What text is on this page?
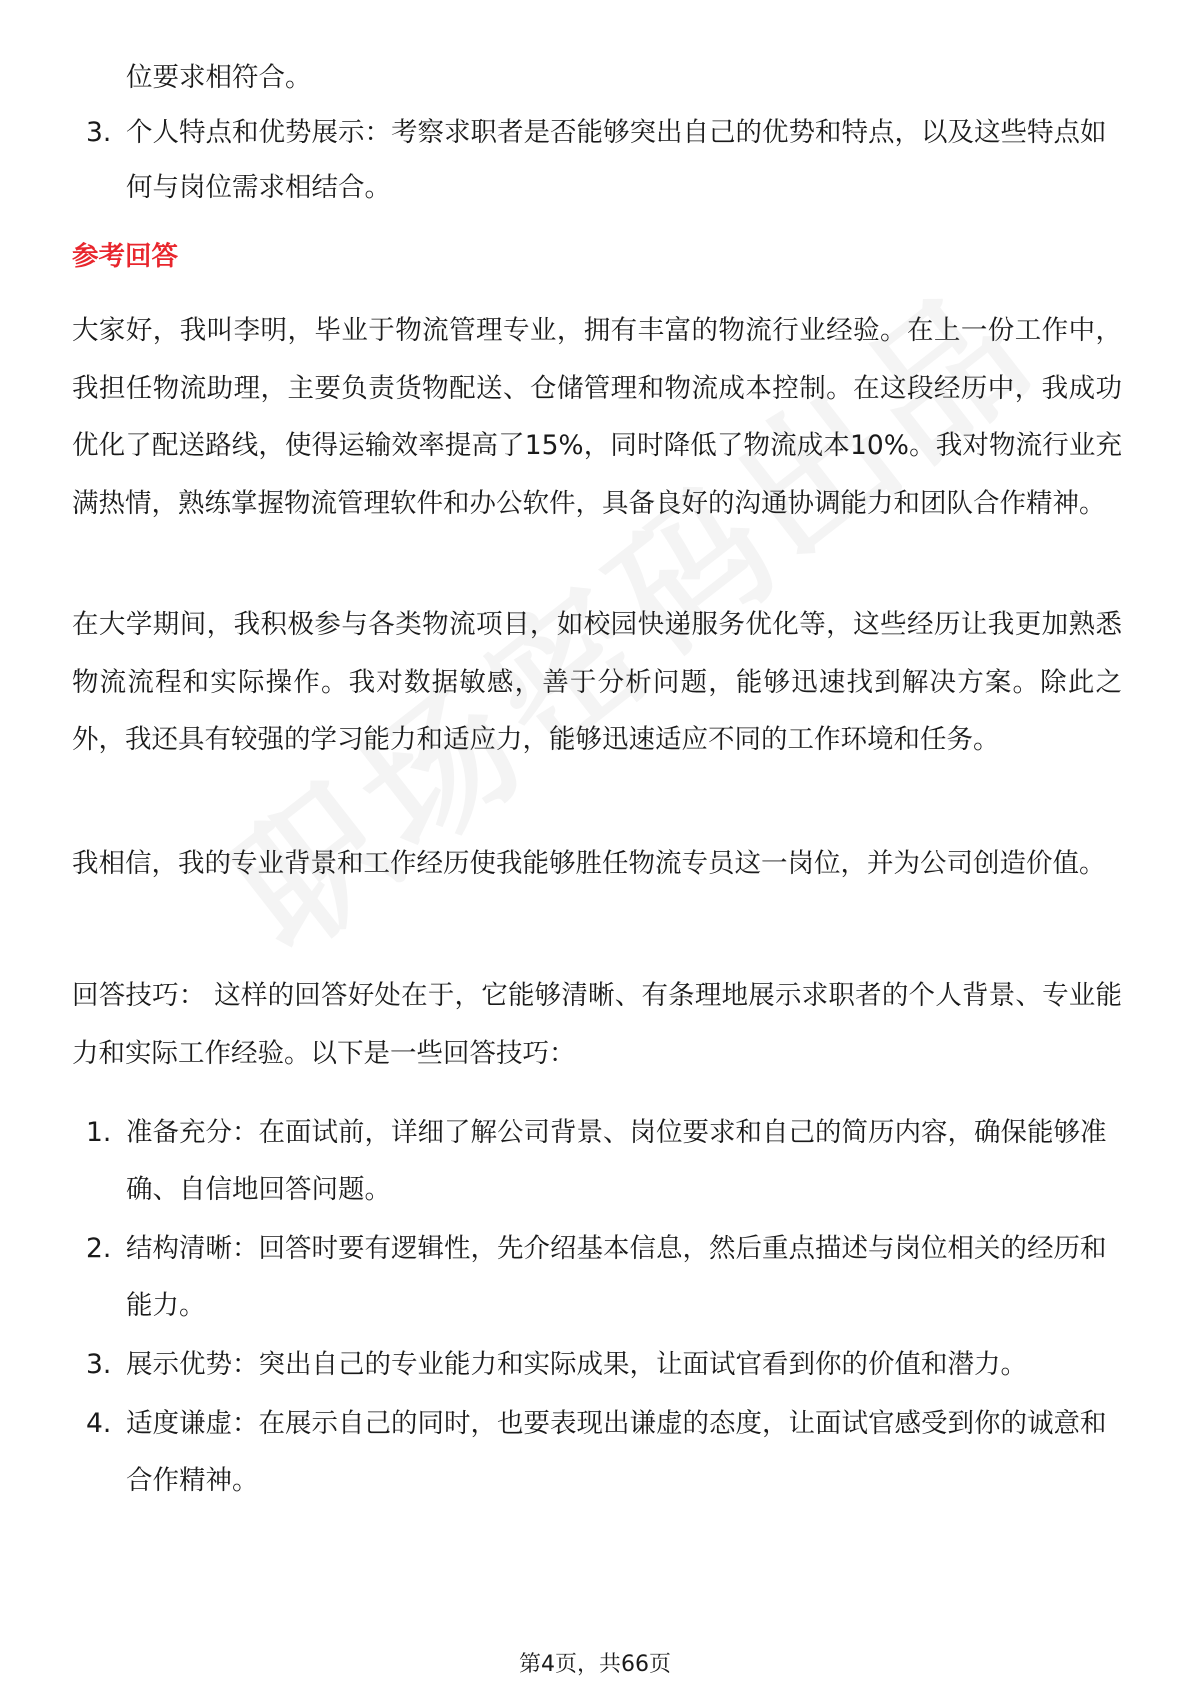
位要求相符合。
3. 个人特点和优势展示：考察求职者是否能够突出自己的优势和特点，以及这些特点如何与岗位需求相结合。
参考回答
大家好，我叫李明，毕业于物流管理专业，拥有丰富的物流行业经验。在上一份工作中，我担任物流助理，主要负责货物配送、仓储管理和物流成本控制。在这段经历中，我成功优化了配送路线，使得运输效率提高了15%，同时降低了物流成本10%。我对物流行业充满热情，熟练掌握物流管理软件和办公软件，具备良好的沟通协调能力和团队合作精神。
在大学期间，我积极参与各类物流项目，如校园快递服务优化等，这些经历让我更加熟悉物流流程和实际操作。我对数据敏感，善于分析问题，能够迅速找到解决方案。除此之外，我还具有较强的学习能力和适应力，能够迅速适应不同的工作环境和任务。
我相信，我的专业背景和工作经历使我能够胜任物流专员这一岗位，并为公司创造价值。
回答技巧： 这样的回答好处在于，它能够清晰、有条理地展示求职者的个人背景、专业能力和实际工作经验。以下是一些回答技巧：
1. 准备充分：在面试前，详细了解公司背景、岗位要求和自己的简历内容，确保能够准确、自信地回答问题。
2. 结构清晰：回答时要有逻辑性，先介绍基本信息，然后重点描述与岗位相关的经历和能力。
3. 展示优势：突出自己的专业能力和实际成果，让面试官看到你的价值和潜力。
4. 适度谦虚：在展示自己的同时，也要表现出谦虚的态度，让面试官感受到你的诚意和合作精神。
第4页，共66页
